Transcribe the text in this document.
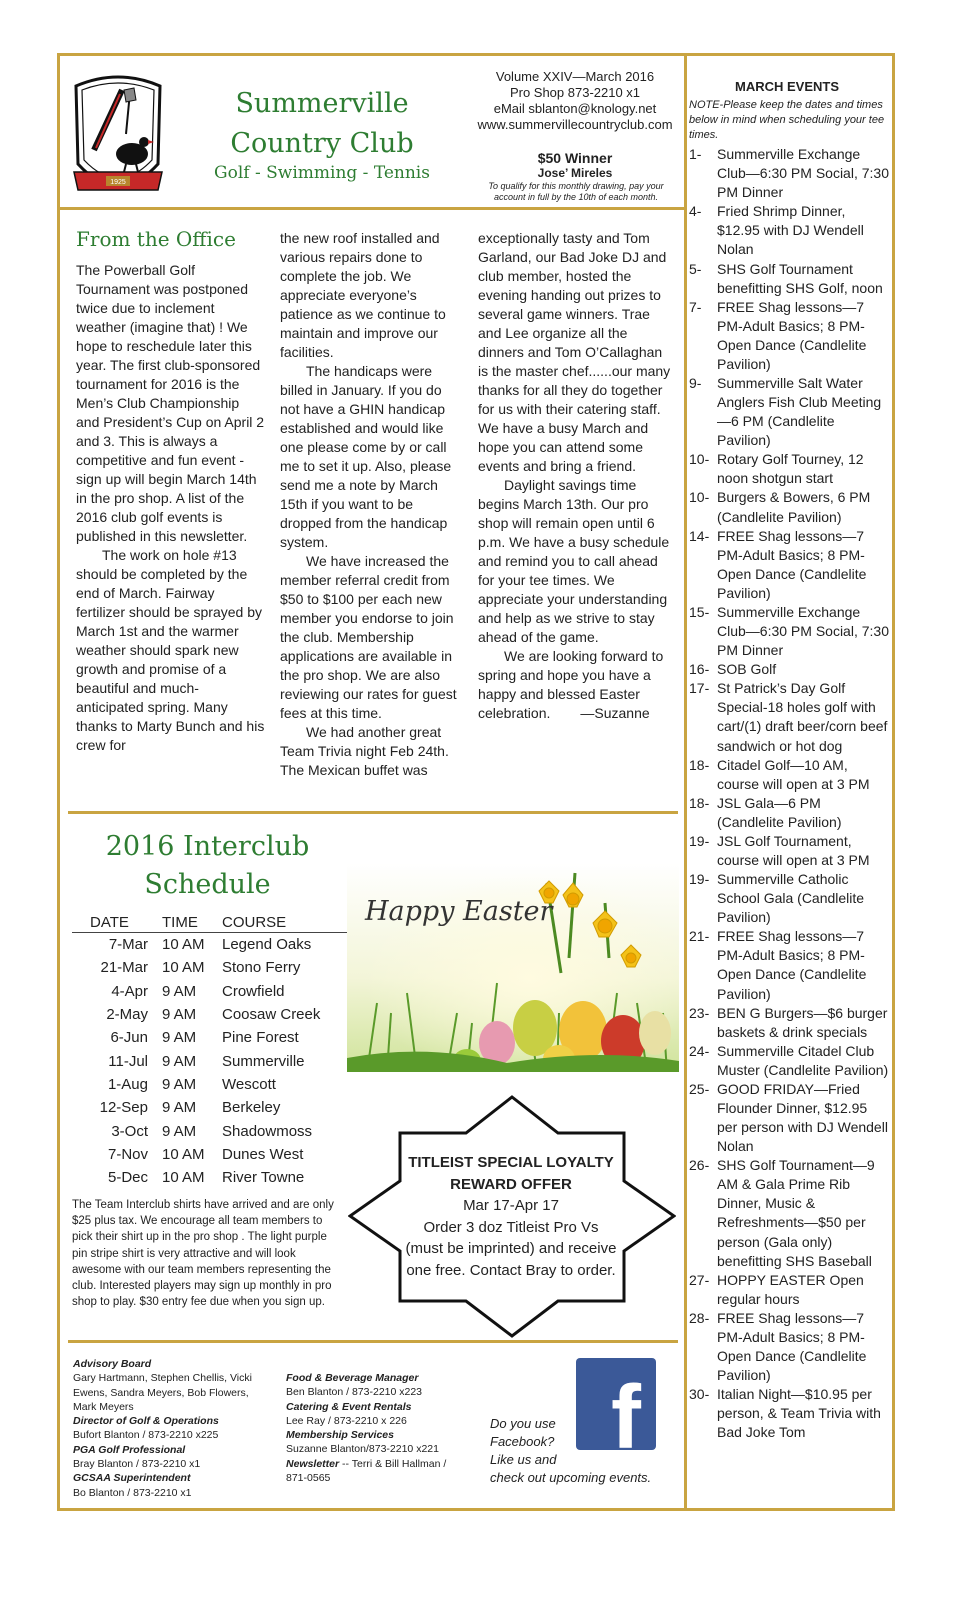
1925
Summerville
Country Club
Golf - Swimming - Tennis
Volume XXIV—March 2016
Pro Shop 873-2210 x1
eMail sblanton@knology.net
www.summervillecountryclub.com
$50 Winner
Jose’ Mireles
To qualify for this monthly drawing, pay your account in full by the 10th of each month.
From the Office

The Powerball Golf Tournament was postponed twice due to inclement weather (imagine that) ! We hope to reschedule later this year. The first club-sponsored tournament for 2016 is the Men’s Club Championship and President’s Cup on April 2 and 3. This is always a competitive and fun event -sign up will begin March 14th in the pro shop. A list of the 2016 club golf events is published in this newsletter.

The work on hole #13 should be completed by the end of March. Fairway fertilizer should be sprayed by March 1st and the warmer weather should spark new growth and promise of a beautiful and much-anticipated spring. Many thanks to Marty Bunch and his crew for

the new roof installed and various repairs done to complete the job. We appreciate everyone’s patience as we continue to maintain and improve our facilities.

The handicaps were billed in January. If you do not have a GHIN handicap established and would like one please come by or call me to set it up. Also, please send me a note by March 15th if you want to be dropped from the handicap system.

We have increased the member referral credit from $50 to $100 per each new member you endorse to join the club. Membership applications are available in the pro shop. We are also reviewing our rates for guest fees at this time.

We had another great Team Trivia night Feb 24th. The Mexican buffet was

exceptionally tasty and Tom Garland, our Bad Joke DJ and club member, hosted the evening handing out prizes to several game winners. Trae and Lee organize all the dinners and Tom O’Callaghan is the master chef......our many thanks for all they do together for us with their catering staff. We have a busy March and hope you can attend some events and bring a friend.

Daylight savings time begins March 13th. Our pro shop will remain open until 6 p.m. We have a busy schedule and remind you to call ahead for your tee times. We appreciate your understanding and help as we strive to stay ahead of the game.

We are looking forward to spring and hope you have a happy and blessed Easter celebration. —Suzanne

2016 Interclub
Schedule
DATE	TIME	COURSE
7-Mar	10 AM	Legend Oaks
21-Mar	10 AM	Stono Ferry
4-Apr	9 AM	Crowfield
2-May	9 AM	Coosaw Creek
6-Jun	9 AM	Pine Forest
11-Jul	9 AM	Summerville
1-Aug	9 AM	Wescott
12-Sep	9 AM	Berkeley
3-Oct	9 AM	Shadowmoss
7-Nov	10 AM	Dunes West
5-Dec	10 AM	River Towne
The Team Interclub shirts have arrived and are only $25 plus tax. We encourage all team members to pick their shirt up in the pro shop . The light purple pin stripe shirt is very attractive and will look awesome with our team members representing the club. Interested players may sign up monthly in pro shop to play. $30 entry fee due when you sign up.
Happy Easter
TITLEIST SPECIAL LOYALTY
REWARD OFFER
Mar 17-Apr 17
Order 3 doz Titleist Pro Vs
(must be imprinted) and receive
one free. Contact Bray to order.
Advisory Board
Gary Hartmann, Stephen Chellis, Vicki Ewens, Sandra Meyers, Bob Flowers, Mark Meyers
Director of Golf & Operations
Bufort Blanton / 873-2210 x225
PGA Golf Professional
Bray Blanton / 873-2210 x1
GCSAA Superintendent
Bo Blanton / 873-2210 x1
Food & Beverage Manager
Ben Blanton / 873-2210 x223
Catering & Event Rentals
Lee Ray / 873-2210 x 226
Membership Services
Suzanne Blanton/873-2210 x221
Newsletter -- Terri & Bill Hallman / 871-0565
Do you use
Facebook?
Like us and
check out upcoming events.
f
MARCH EVENTS
NOTE-Please keep the dates and times below in mind when scheduling your tee times.
1-	Summerville Exchange Club—6:30 PM Social, 7:30 PM Dinner
4-	Fried Shrimp Dinner, $12.95 with DJ Wendell Nolan
5-	SHS Golf Tournament benefitting SHS Golf, noon
7-	FREE Shag lessons—7 PM-Adult Basics; 8 PM-Open Dance (Candlelite Pavilion)
9-	Summerville Salt Water Anglers Fish Club Meeting—6 PM (Candlelite Pavilion)
10- Rotary Golf Tourney, 12 noon shotgun start
10- Burgers & Bowers, 6 PM (Candlelite Pavilion)
14- FREE Shag lessons—7 PM-Adult Basics; 8 PM-Open Dance (Candlelite Pavilion)
15- Summerville Exchange Club—6:30 PM Social, 7:30 PM Dinner
16- SOB Golf
17- St Patrick’s Day Golf Special-18 holes golf with cart/(1) draft beer/corn beef sandwich or hot dog
18- Citadel Golf—10 AM, course will open at 3 PM
18- JSL Gala—6 PM (Candlelite Pavilion)
19- JSL Golf Tournament, course will open at 3 PM
19- Summerville Catholic School Gala (Candlelite Pavilion)
21- FREE Shag lessons—7 PM-Adult Basics; 8 PM-Open Dance (Candlelite Pavilion)
23- BEN G Burgers—$6 burger baskets & drink specials
24- Summerville Citadel Club Muster (Candlelite Pavilion)
25- GOOD FRIDAY—Fried Flounder Dinner, $12.95 per person with DJ Wendell Nolan
26- SHS Golf Tournament—9 AM & Gala Prime Rib Dinner, Music & Refreshments—$50 per person (Gala only) benefitting SHS Baseball
27- HOPPY EASTER Open regular hours
28- FREE Shag lessons—7 PM-Adult Basics; 8 PM-Open Dance (Candlelite Pavilion)
30- Italian Night—$10.95 per person, & Team Trivia with Bad Joke Tom
